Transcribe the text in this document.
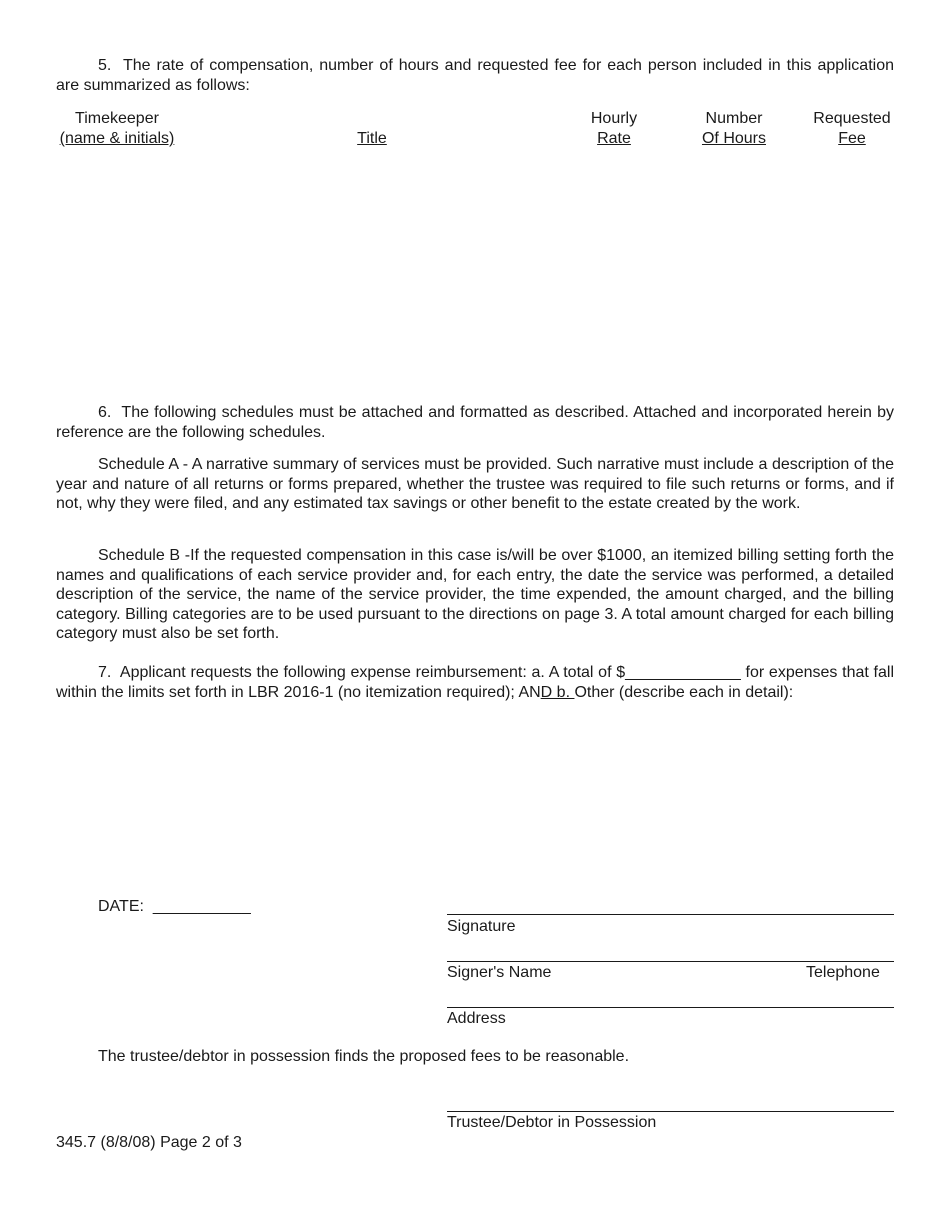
5. The rate of compensation, number of hours and requested fee for each person included in this application are summarized as follows:

Timekeeper
(name & initials)
	Title
Hourly
Rate
Number
Of Hours
Requested
Fee

6. The following schedules must be attached and formatted as described. Attached and incorporated herein by reference are the following schedules.

Schedule A - A narrative summary of services must be provided. Such narrative must include a description of the year and nature of all returns or forms prepared, whether the trustee was required to file such returns or forms, and if not, why they were filed, and any estimated tax savings or other benefit to the estate created by the work.

Schedule B -If the requested compensation in this case is/will be over $1000, an itemized billing setting forth the names and qualifications of each service provider and, for each entry, the date the service was performed, a detailed description of the service, the name of the service provider, the time expended, the amount charged, and the billing category. Billing categories are to be used pursuant to the directions on page 3. A total amount charged for each billing category must also be set forth.

7. Applicant requests the following expense reimbursement: a. A total of $_____________ for expenses that fall within the limits set forth in LBR 2016-1 (no itemization required); AND b. Other (describe each in detail):

DATE: ___________
Signature
Signer's Name	Telephone
Address
The trustee/debtor in possession finds the proposed fees to be reasonable.
Trustee/Debtor in Possession
345.7 (8/8/08) Page 2 of 3
